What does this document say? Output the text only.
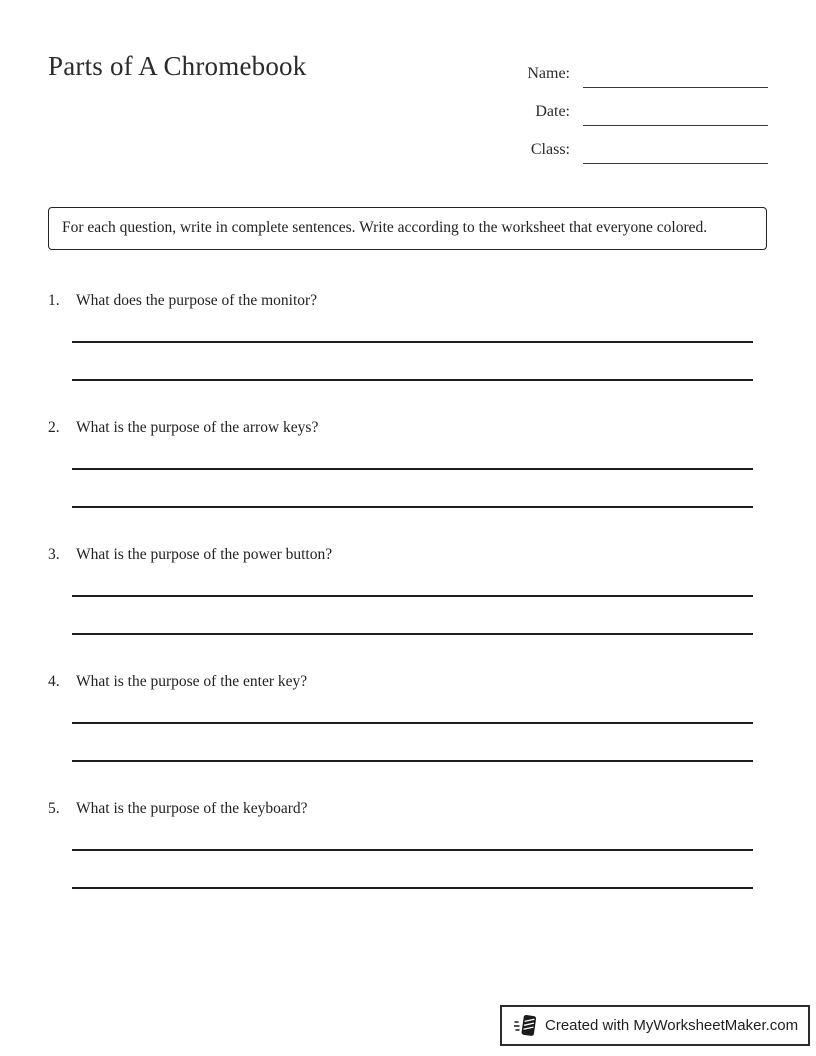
Parts of A Chromebook	Name:
Date:
Class:
For each question, write in complete sentences. Write according to the worksheet that everyone colored.
1.	What does the purpose of the monitor?
2.	What is the purpose of the arrow keys?
3.	What is the purpose of the power button?
4.	What is the purpose of the enter key?
5.	What is the purpose of the keyboard?
Created with MyWorksheetMaker.com
